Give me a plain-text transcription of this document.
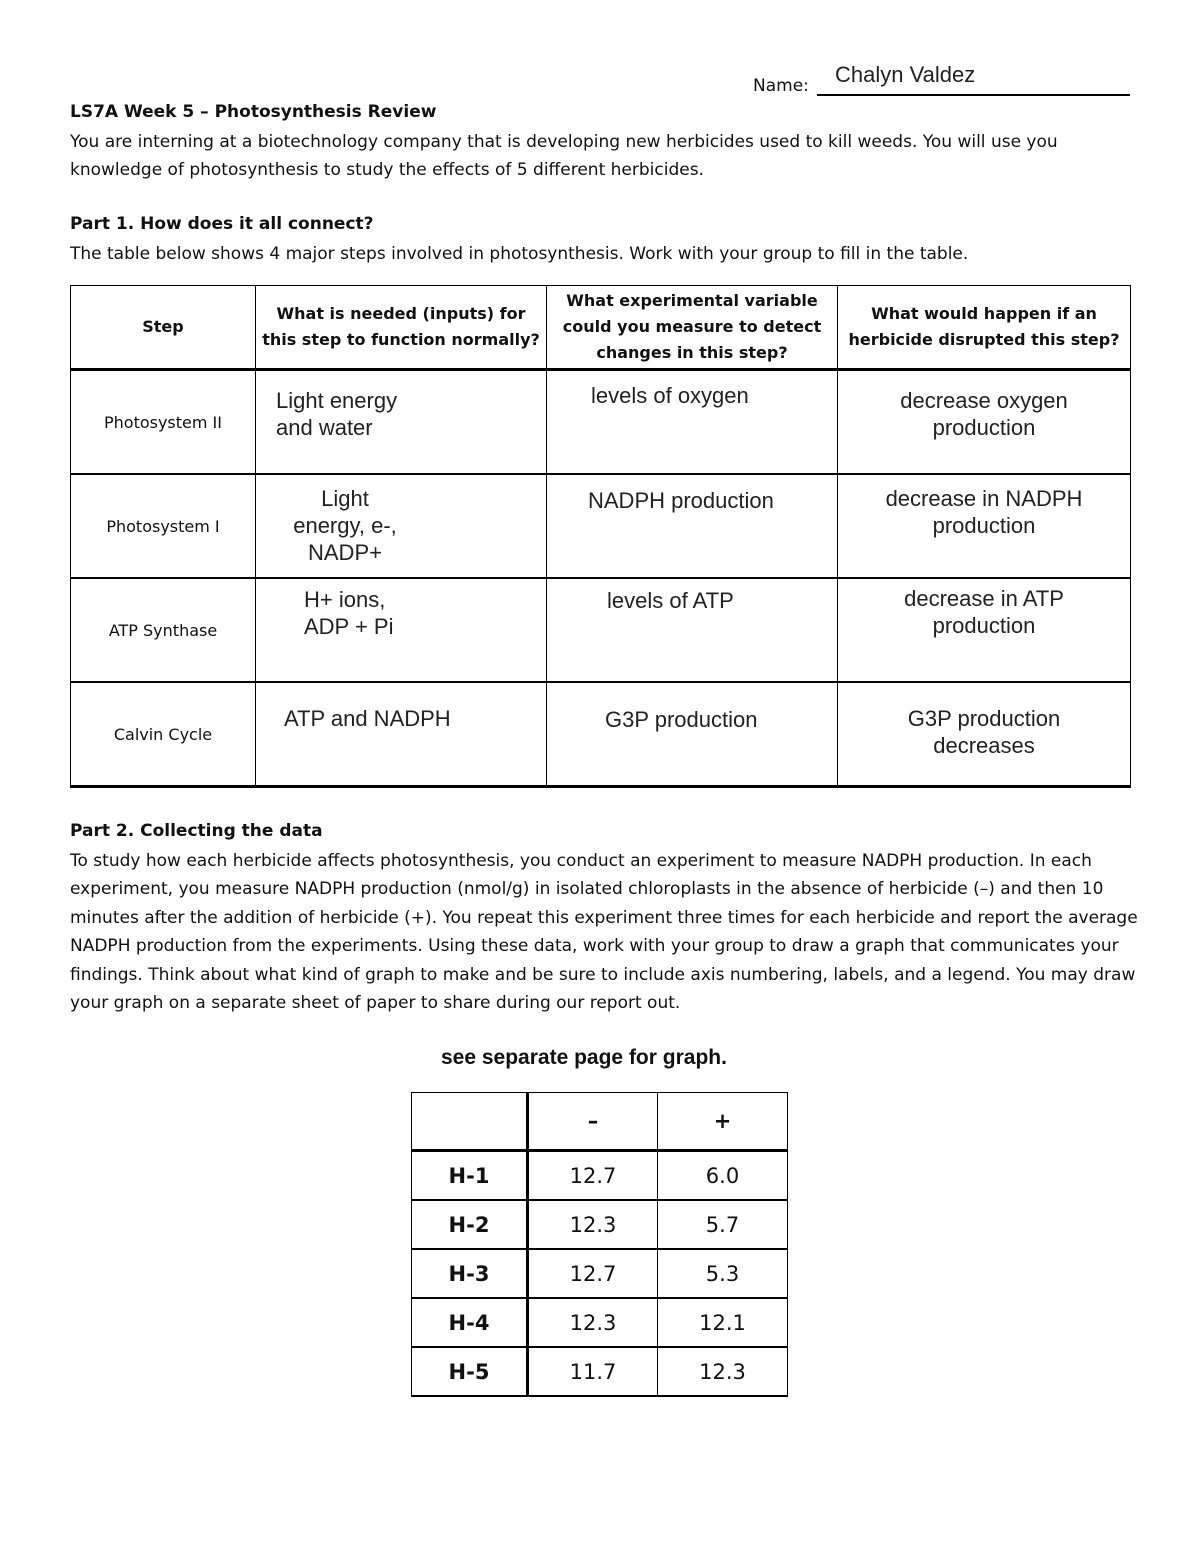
Name: Chalyn Valdez
LS7A Week 5 – Photosynthesis Review

You are interning at a biotechnology company that is developing new herbicides used to kill weeds. You will use you knowledge of photosynthesis to study the effects of 5 different herbicides.

Part 1. How does it all connect?

The table below shows 4 major steps involved in photosynthesis. Work with your group to fill in the table.

Step	What is needed (inputs) for this step to function normally?	What experimental variable could you measure to detect changes in this step?	What would happen if an herbicide disrupted this step?
Photosystem II	Light energy
and water	levels of oxygen	decrease oxygen
production

Photosystem I	Light
energy, e-,
NADP+	NADPH production	decrease in NADPH
production

ATP Synthase	H+ ions,
ADP + Pi	levels of ATP	decrease in ATP
production

Calvin Cycle	ATP and NADPH	G3P production	G3P production
decreases
Part 2. Collecting the data

To study how each herbicide affects photosynthesis, you conduct an experiment to measure NADPH production. In each experiment, you measure NADPH production (nmol/g) in isolated chloroplasts in the absence of herbicide (–) and then 10 minutes after the addition of herbicide (+). You repeat this experiment three times for each herbicide and report the average NADPH production from the experiments. Using these data, work with your group to draw a graph that communicates your findings. Think about what kind of graph to make and be sure to include axis numbering, labels, and a legend. You may draw your graph on a separate sheet of paper to share during our report out.

see separate page for graph.
	–	+
H-1	12.7	6.0
H-2	12.3	5.7
H-3	12.7	5.3
H-4	12.3	12.1
H-5	11.7	12.3
